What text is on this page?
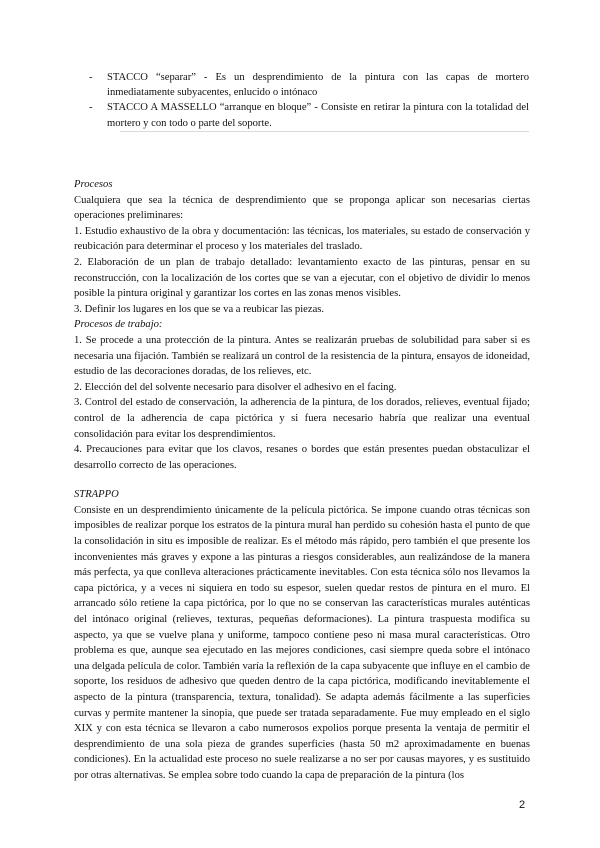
-	STACCO “separar” - Es un desprendimiento de la pintura con las capas de mortero inmediatamente subyacentes, enlucido o intónaco
-	STACCO A MASSELLO “arranque en bloque” - Consiste en retirar la pintura con la totalidad del mortero y con todo o parte del soporte.

Procesos

Cualquiera que sea la técnica de desprendimiento que se proponga aplicar son necesarias ciertas operaciones preliminares:

1. Estudio exhaustivo de la obra y documentación: las técnicas, los materiales, su estado de conservación y reubicación para determinar el proceso y los materiales del traslado.

2. Elaboración de un plan de trabajo detallado: levantamiento exacto de las pinturas, pensar en su reconstrucción, con la localización de los cortes que se van a ejecutar, con el objetivo de dividir lo menos posible la pintura original y garantizar los cortes en las zonas menos visibles.

3. Definir los lugares en los que se va a reubicar las piezas.

Procesos de trabajo:

1. Se procede a una protección de la pintura. Antes se realizarán pruebas de solubilidad para saber si es necesaria una fijación. También se realizará un control de la resistencia de la pintura, ensayos de idoneidad, estudio de las decoraciones doradas, de los relieves, etc.

2. Elección del del solvente necesario para disolver el adhesivo en el facing.

3. Control del estado de conservación, la adherencia de la pintura, de los dorados, relieves, eventual fijado; control de la adherencia de capa pictórica y si fuera necesario habría que realizar una eventual consolidación para evitar los desprendimientos.

4. Precauciones para evitar que los clavos, resanes o bordes que están presentes puedan obstaculizar el desarrollo correcto de las operaciones.

STRAPPO

Consiste en un desprendimiento únicamente de la película pictórica. Se impone cuando otras técnicas son imposibles de realizar porque los estratos de la pintura mural han perdido su cohesión hasta el punto de que la consolidación in situ es imposible de realizar. Es el método más rápido, pero también el que presente los inconvenientes más graves y expone a las pinturas a riesgos considerables, aun realizándose de la manera más perfecta, ya que conlleva alteraciones prácticamente inevitables. Con esta técnica sólo nos llevamos la capa pictórica, y a veces ni siquiera en todo su espesor, suelen quedar restos de pintura en el muro. El arrancado sólo retiene la capa pictórica, por lo que no se conservan las características murales auténticas del intónaco original (relieves, texturas, pequeñas deformaciones). La pintura traspuesta modifica su aspecto, ya que se vuelve plana y uniforme, tampoco contiene peso ni masa mural características. Otro problema es que, aunque sea ejecutado en las mejores condiciones, casi siempre queda sobre el intónaco una delgada película de color. También varía la reflexión de la capa subyacente que influye en el cambio de soporte, los residuos de adhesivo que queden dentro de la capa pictórica, modificando inevitablemente el aspecto de la pintura (transparencia, textura, tonalidad). Se adapta además fácilmente a las superficies curvas y permite mantener la sinopia, que puede ser tratada separadamente. Fue muy empleado en el siglo XIX y con esta técnica se llevaron a cabo numerosos expolios porque presenta la ventaja de permitir el desprendimiento de una sola pieza de grandes superficies (hasta 50 m2 aproximadamente en buenas condiciones). En la actualidad este proceso no suele realizarse a no ser por causas mayores, y es sustituido por otras alternativas. Se emplea sobre todo cuando la capa de preparación de la pintura (los

2
